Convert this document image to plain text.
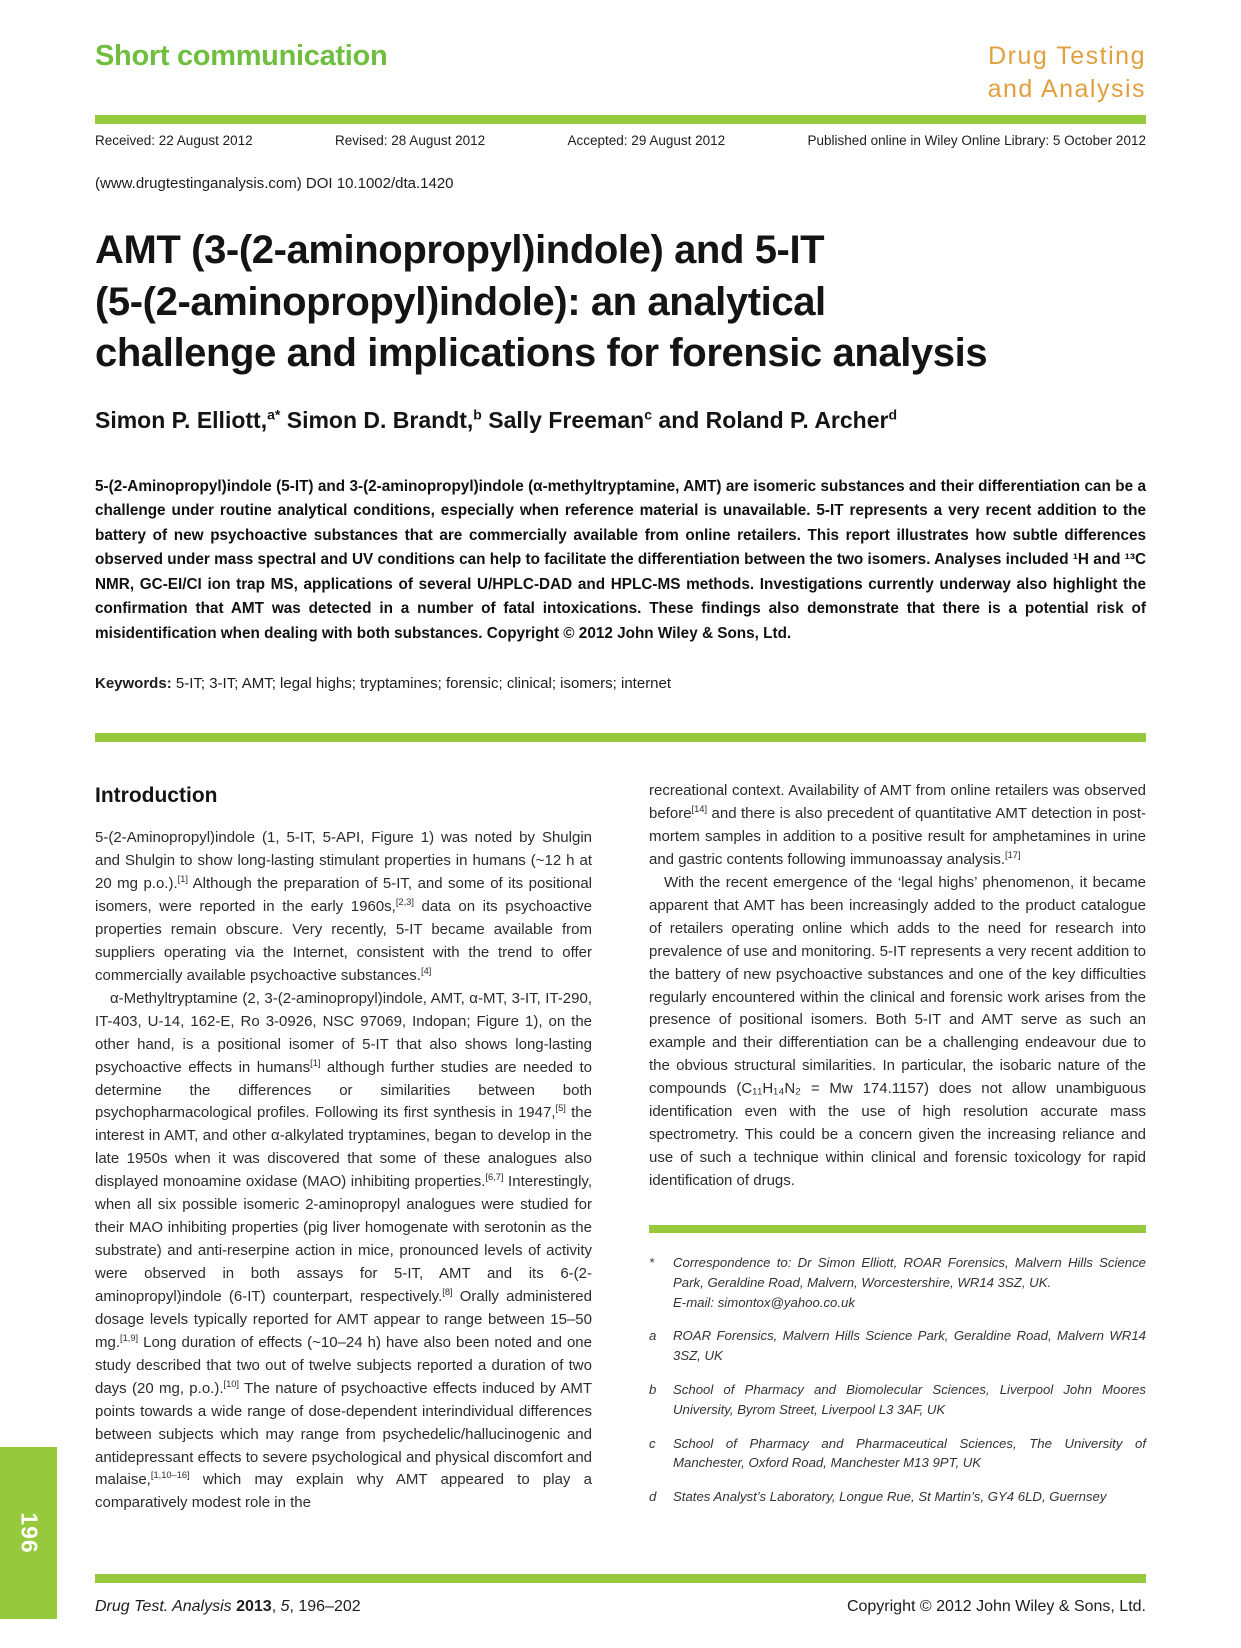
Short communication	Drug Testing
and Analysis
Received: 22 August 2012	Revised: 28 August 2012	Accepted: 29 August 2012	Published online in Wiley Online Library: 5 October 2012
(www.drugtestinganalysis.com) DOI 10.1002/dta.1420
AMT (3-(2-aminopropyl)indole) and 5-IT
(5-(2-aminopropyl)indole): an analytical
challenge and implications for forensic analysis
Simon P. Elliott,$^{a*}$ Simon D. Brandt,$^b$ Sally Freeman$^c$ and Roland P. Archer$^d$
5-(2-Aminopropyl)indole (5-IT) and 3-(2-aminopropyl)indole (α-methyltryptamine, AMT) are isomeric substances and their differentiation can be a challenge under routine analytical conditions, especially when reference material is unavailable. 5-IT represents a very recent addition to the battery of new psychoactive substances that are commercially available from online retailers. This report illustrates how subtle differences observed under mass spectral and UV conditions can help to facilitate the differentiation between the two isomers. Analyses included ¹H and ¹³C NMR, GC-EI/CI ion trap MS, applications of several U/HPLC-DAD and HPLC-MS methods. Investigations currently underway also highlight the confirmation that AMT was detected in a number of fatal intoxications. These findings also demonstrate that there is a potential risk of misidentification when dealing with both substances. Copyright © 2012 John Wiley & Sons, Ltd.
Keywords: 5-IT; 3-IT; AMT; legal highs; tryptamines; forensic; clinical; isomers; internet
Introduction

5-(2-Aminopropyl)indole (1, 5-IT, 5-API, Figure 1) was noted by Shulgin and Shulgin to show long-lasting stimulant properties in humans (~12 h at 20 mg p.o.).[1] Although the preparation of 5-IT, and some of its positional isomers, were reported in the early 1960s,[2,3] data on its psychoactive properties remain obscure. Very recently, 5-IT became available from suppliers operating via the Internet, consistent with the trend to offer commercially available psychoactive substances.[4]

α-Methyltryptamine (2, 3-(2-aminopropyl)indole, AMT, α-MT, 3-IT, IT-290, IT-403, U-14, 162-E, Ro 3-0926, NSC 97069, Indopan; Figure 1), on the other hand, is a positional isomer of 5-IT that also shows long-lasting psychoactive effects in humans[1] although further studies are needed to determine the differences or similarities between both psychopharmacological profiles. Following its first synthesis in 1947,[5] the interest in AMT, and other α-alkylated tryptamines, began to develop in the late 1950s when it was discovered that some of these analogues also displayed monoamine oxidase (MAO) inhibiting properties.[6,7] Interestingly, when all six possible isomeric 2-aminopropyl analogues were studied for their MAO inhibiting properties (pig liver homogenate with serotonin as the substrate) and anti-reserpine action in mice, pronounced levels of activity were observed in both assays for 5-IT, AMT and its 6-(2-aminopropyl)indole (6-IT) counterpart, respectively.[8] Orally administered dosage levels typically reported for AMT appear to range between 15–50 mg.[1,9] Long duration of effects (~10–24 h) have also been noted and one study described that two out of twelve subjects reported a duration of two days (20 mg, p.o.).[10] The nature of psychoactive effects induced by AMT points towards a wide range of dose-dependent interindividual differences between subjects which may range from psychedelic/hallucinogenic and antidepressant effects to severe psychological and physical discomfort and malaise,[1,10–16] which may explain why AMT appeared to play a comparatively modest role in the

recreational context. Availability of AMT from online retailers was observed before[14] and there is also precedent of quantitative AMT detection in post-mortem samples in addition to a positive result for amphetamines in urine and gastric contents following immunoassay analysis.[17]

With the recent emergence of the ‘legal highs’ phenomenon, it became apparent that AMT has been increasingly added to the product catalogue of retailers operating online which adds to the need for research into prevalence of use and monitoring. 5-IT represents a very recent addition to the battery of new psychoactive substances and one of the key difficulties regularly encountered within the clinical and forensic work arises from the presence of positional isomers. Both 5-IT and AMT serve as such an example and their differentiation can be a challenging endeavour due to the obvious structural similarities. In particular, the isobaric nature of the compounds (C₁₁H₁₄N₂ = Mᴡ 174.1157) does not allow unambiguous identification even with the use of high resolution accurate mass spectrometry. This could be a concern given the increasing reliance and use of such a technique within clinical and forensic toxicology for rapid identification of drugs.

*	Correspondence to: Dr Simon Elliott, ROAR Forensics, Malvern Hills Science Park, Geraldine Road, Malvern, Worcestershire, WR14 3SZ, UK.
E-mail: simontox@yahoo.co.uk
a	ROAR Forensics, Malvern Hills Science Park, Geraldine Road, Malvern WR14 3SZ, UK
b	School of Pharmacy and Biomolecular Sciences, Liverpool John Moores University, Byrom Street, Liverpool L3 3AF, UK
c	School of Pharmacy and Pharmaceutical Sciences, The University of Manchester, Oxford Road, Manchester M13 9PT, UK
d	States Analyst’s Laboratory, Longue Rue, St Martin’s, GY4 6LD, Guernsey
Drug Test. Analysis 2013, 5, 196–202	Copyright © 2012 John Wiley & Sons, Ltd.
196
